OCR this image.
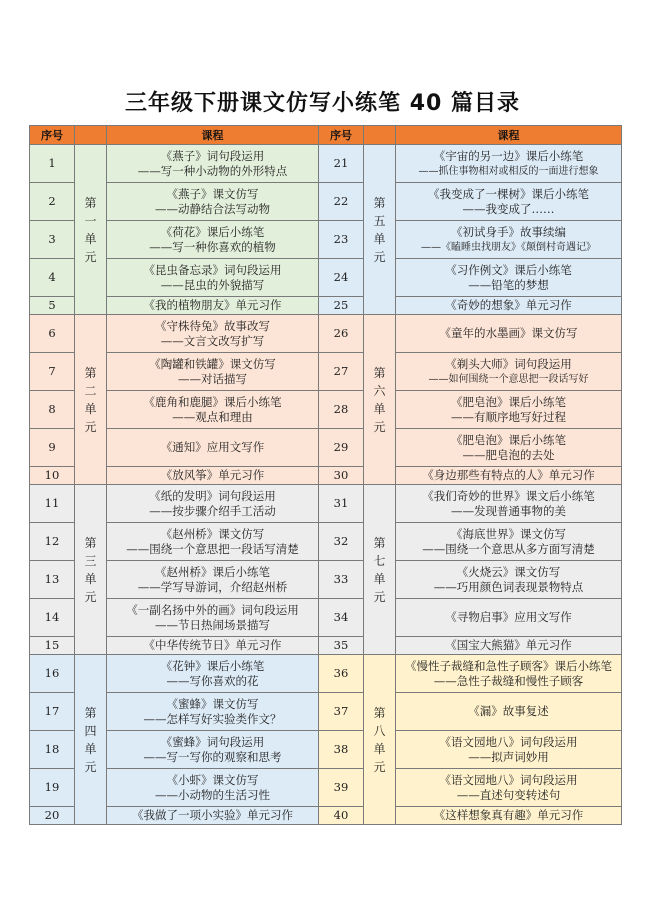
三年级下册课文仿写小练笔 40 篇目录
序号		课程	序号		课程
1	第
一
单
元	《燕子》词句段运用
——写一种小动物的外形特点	21	第
五
单
元	《宇宙的另一边》课后小练笔
——抓住事物相对或相反的一面进行想象

2		《燕子》课文仿写
——动静结合法写动物	22		《我变成了一棵树》课后小练笔
——我变成了……

3		《荷花》课后小练笔
——写一种你喜欢的植物	23		《初试身手》故事续编
——《瞌睡虫找朋友》《颠倒村奇遇记》

4		《昆虫备忘录》词句段运用
——昆虫的外貌描写	24		《习作例文》课后小练笔
——铅笔的梦想

5		《我的植物朋友》单元习作	25		《奇妙的想象》单元习作

6	第
二
单
元	《守株待兔》故事改写
——文言文改写扩写	26	第
六
单
元	《童年的水墨画》课文仿写

7		《陶罐和铁罐》课文仿写
——对话描写	27		《剃头大师》词句段运用
——如何围绕一个意思把一段话写好

8		《鹿角和鹿腿》课后小练笔
——观点和理由	28		《肥皂泡》课后小练笔
——有顺序地写好过程

9		《通知》应用文写作	29		《肥皂泡》课后小练笔
——肥皂泡的去处

10		《放风筝》单元习作	30		《身边那些有特点的人》单元习作

11	第
三
单
元	《纸的发明》词句段运用
——按步骤介绍手工活动	31	第
七
单
元	《我们奇妙的世界》课文后小练笔
——发现普通事物的美

12		《赵州桥》课文仿写
——围绕一个意思把一段话写清楚	32		《海底世界》课文仿写
——围绕一个意思从多方面写清楚

13		《赵州桥》课后小练笔
——学写导游词，介绍赵州桥	33		《火烧云》课文仿写
——巧用颜色词表现景物特点

14		《一副名扬中外的画》词句段运用
——节日热闹场景描写	34		《寻物启事》应用文写作

15		《中华传统节日》单元习作	35		《国宝大熊猫》单元习作

16	第
四
单
元	《花钟》课后小练笔
——写你喜欢的花	36	第
八
单
元	《慢性子裁缝和急性子顾客》课后小练笔
——急性子裁缝和慢性子顾客

17		《蜜蜂》课文仿写
——怎样写好实验类作文？	37		《漏》故事复述

18		《蜜蜂》词句段运用
——写一写你的观察和思考	38		《语文园地八》词句段运用
——拟声词妙用

19		《小虾》课文仿写
——小动物的生活习性	39		《语文园地八》词句段运用
——直述句变转述句

20		《我做了一项小实验》单元习作	40		《这样想象真有趣》单元习作
